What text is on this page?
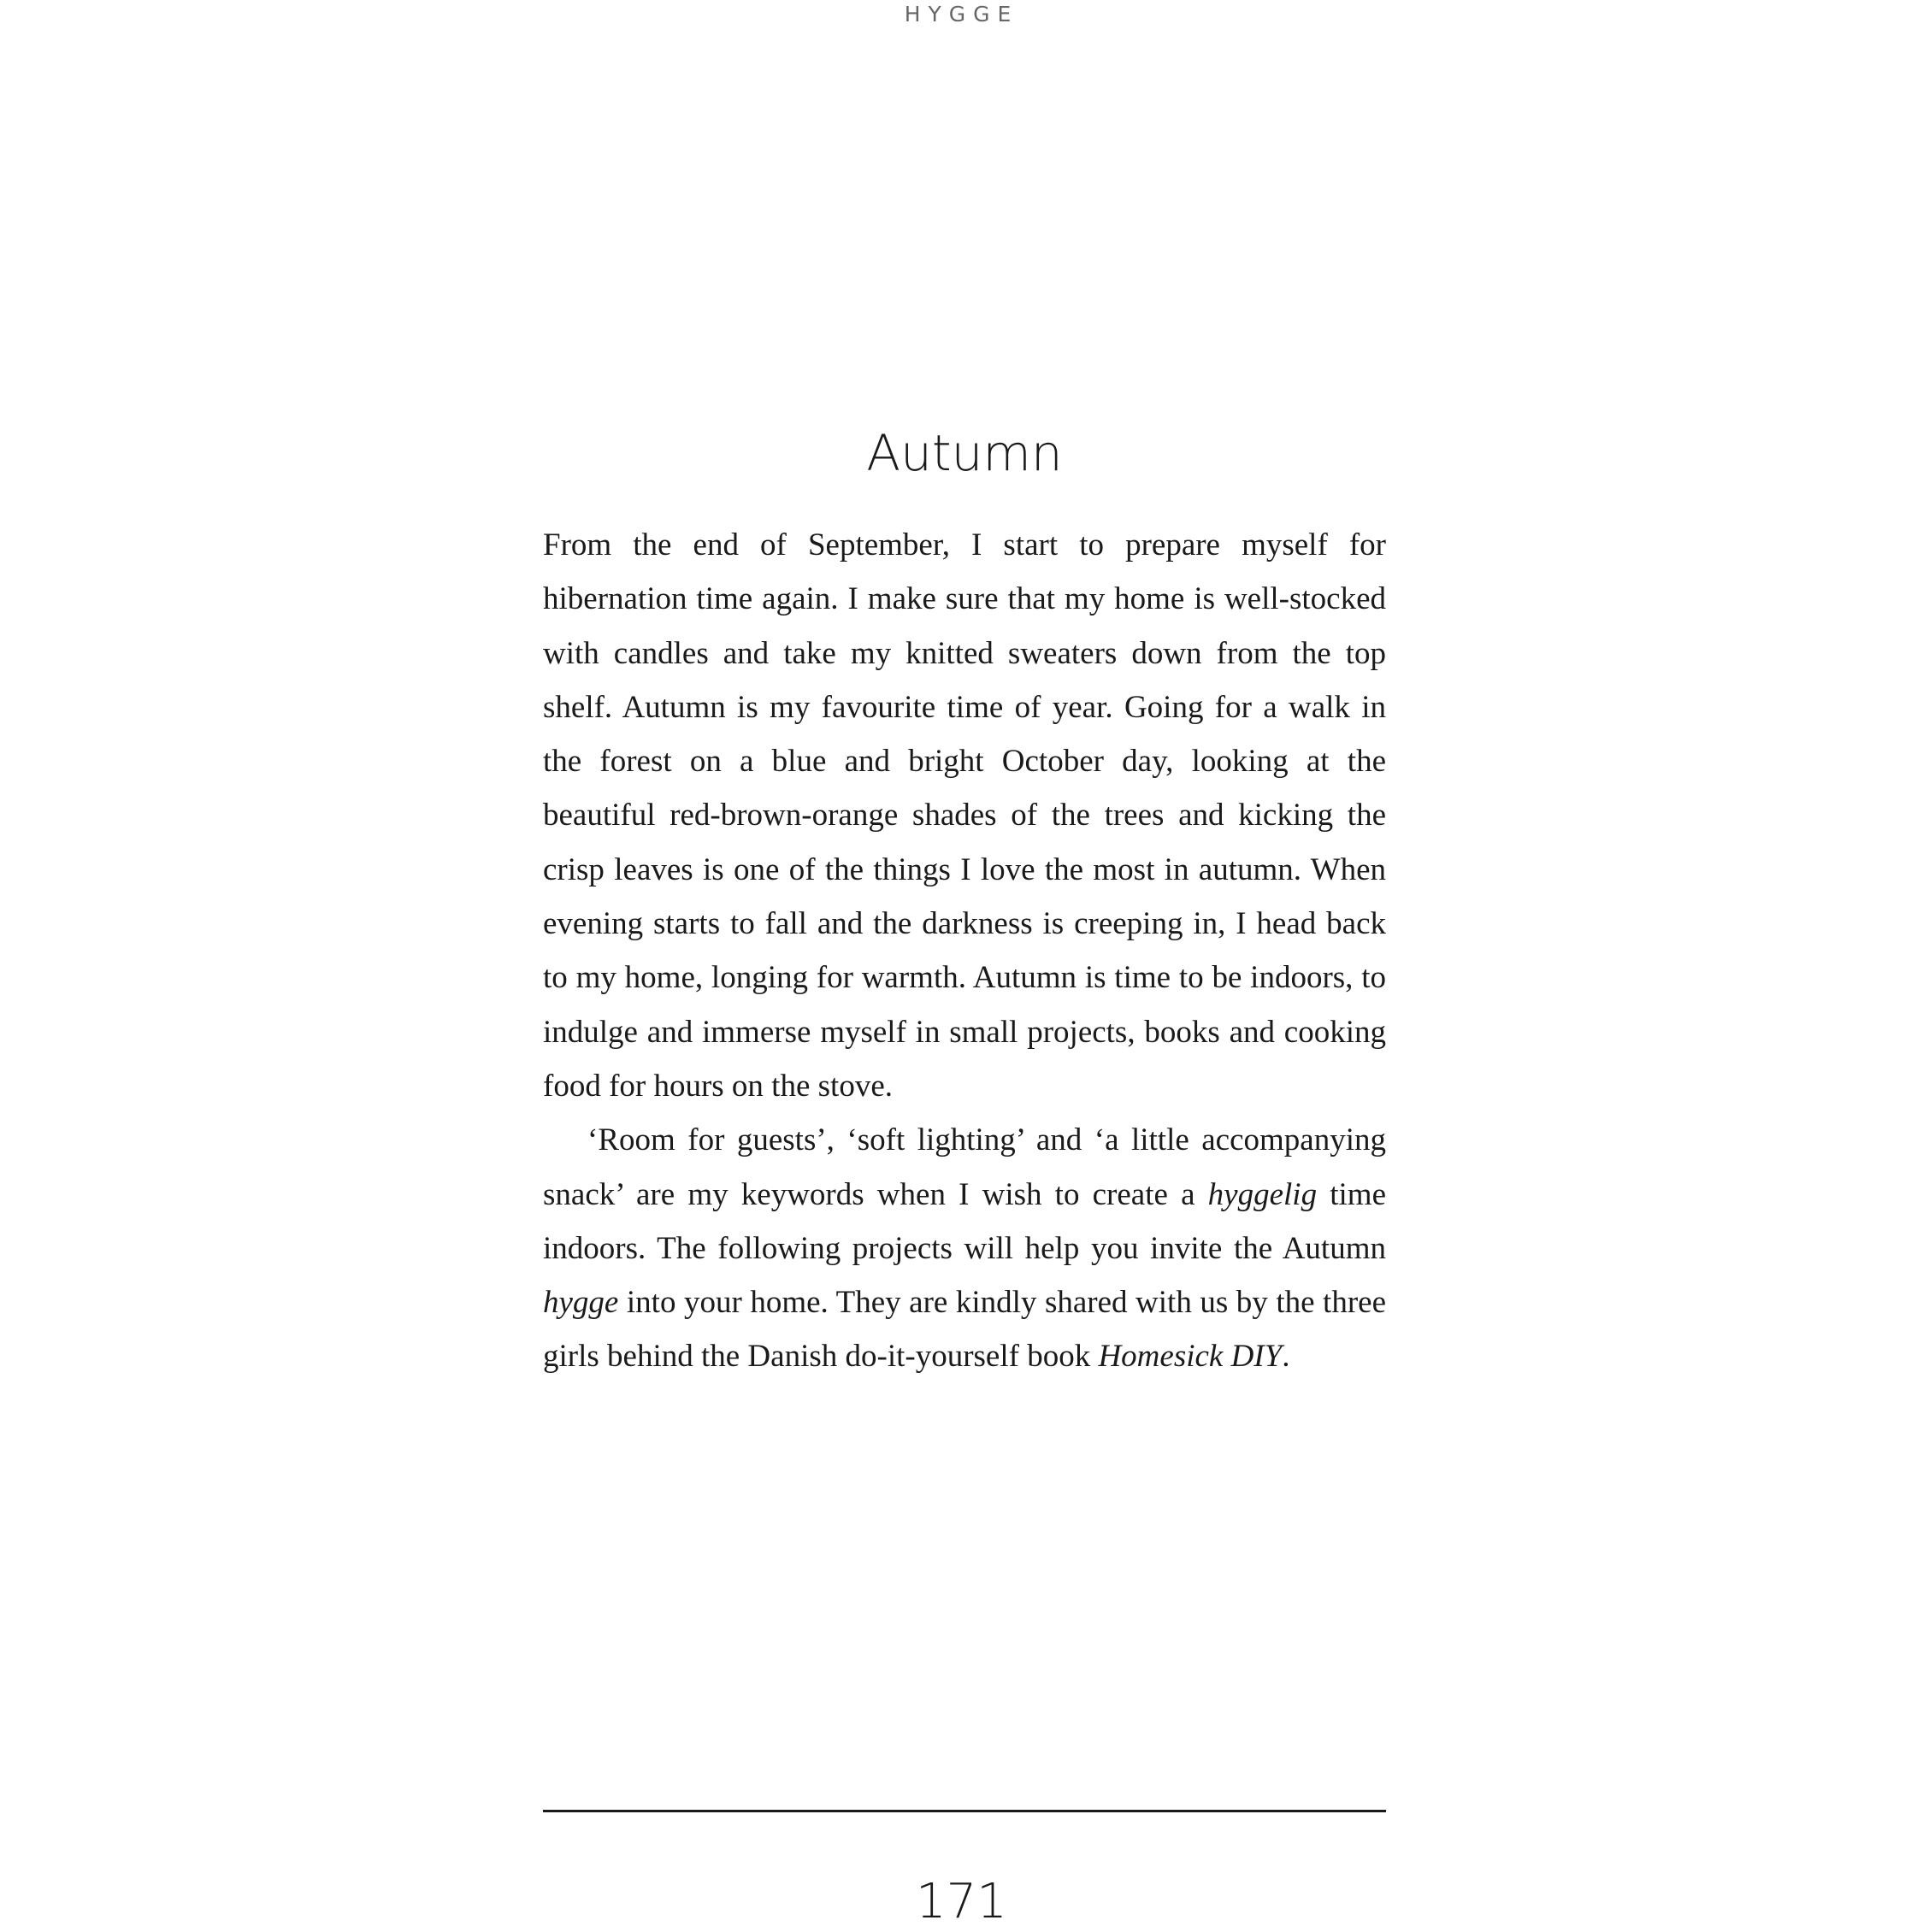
HYGGE
Autumn

From the end of September, I start to prepare myself for hibernation time again. I make sure that my home is well-stocked with candles and take my knitted sweaters down from the top shelf. Autumn is my favourite time of year. Going for a walk in the forest on a blue and bright October day, looking at the beautiful red-brown-orange shades of the trees and kicking the crisp leaves is one of the things I love the most in autumn. When evening starts to fall and the darkness is creeping in, I head back to my home, longing for warmth. Autumn is time to be indoors, to indulge and immerse myself in small projects, books and cooking food for hours on the stove.

‘Room for guests’, ‘soft lighting’ and ‘a little accompanying snack’ are my keywords when I wish to create a hyggelig time indoors. The following projects will help you invite the Autumn hygge into your home. They are kindly shared with us by the three girls behind the Danish do-it-yourself book Homesick DIY.

171
